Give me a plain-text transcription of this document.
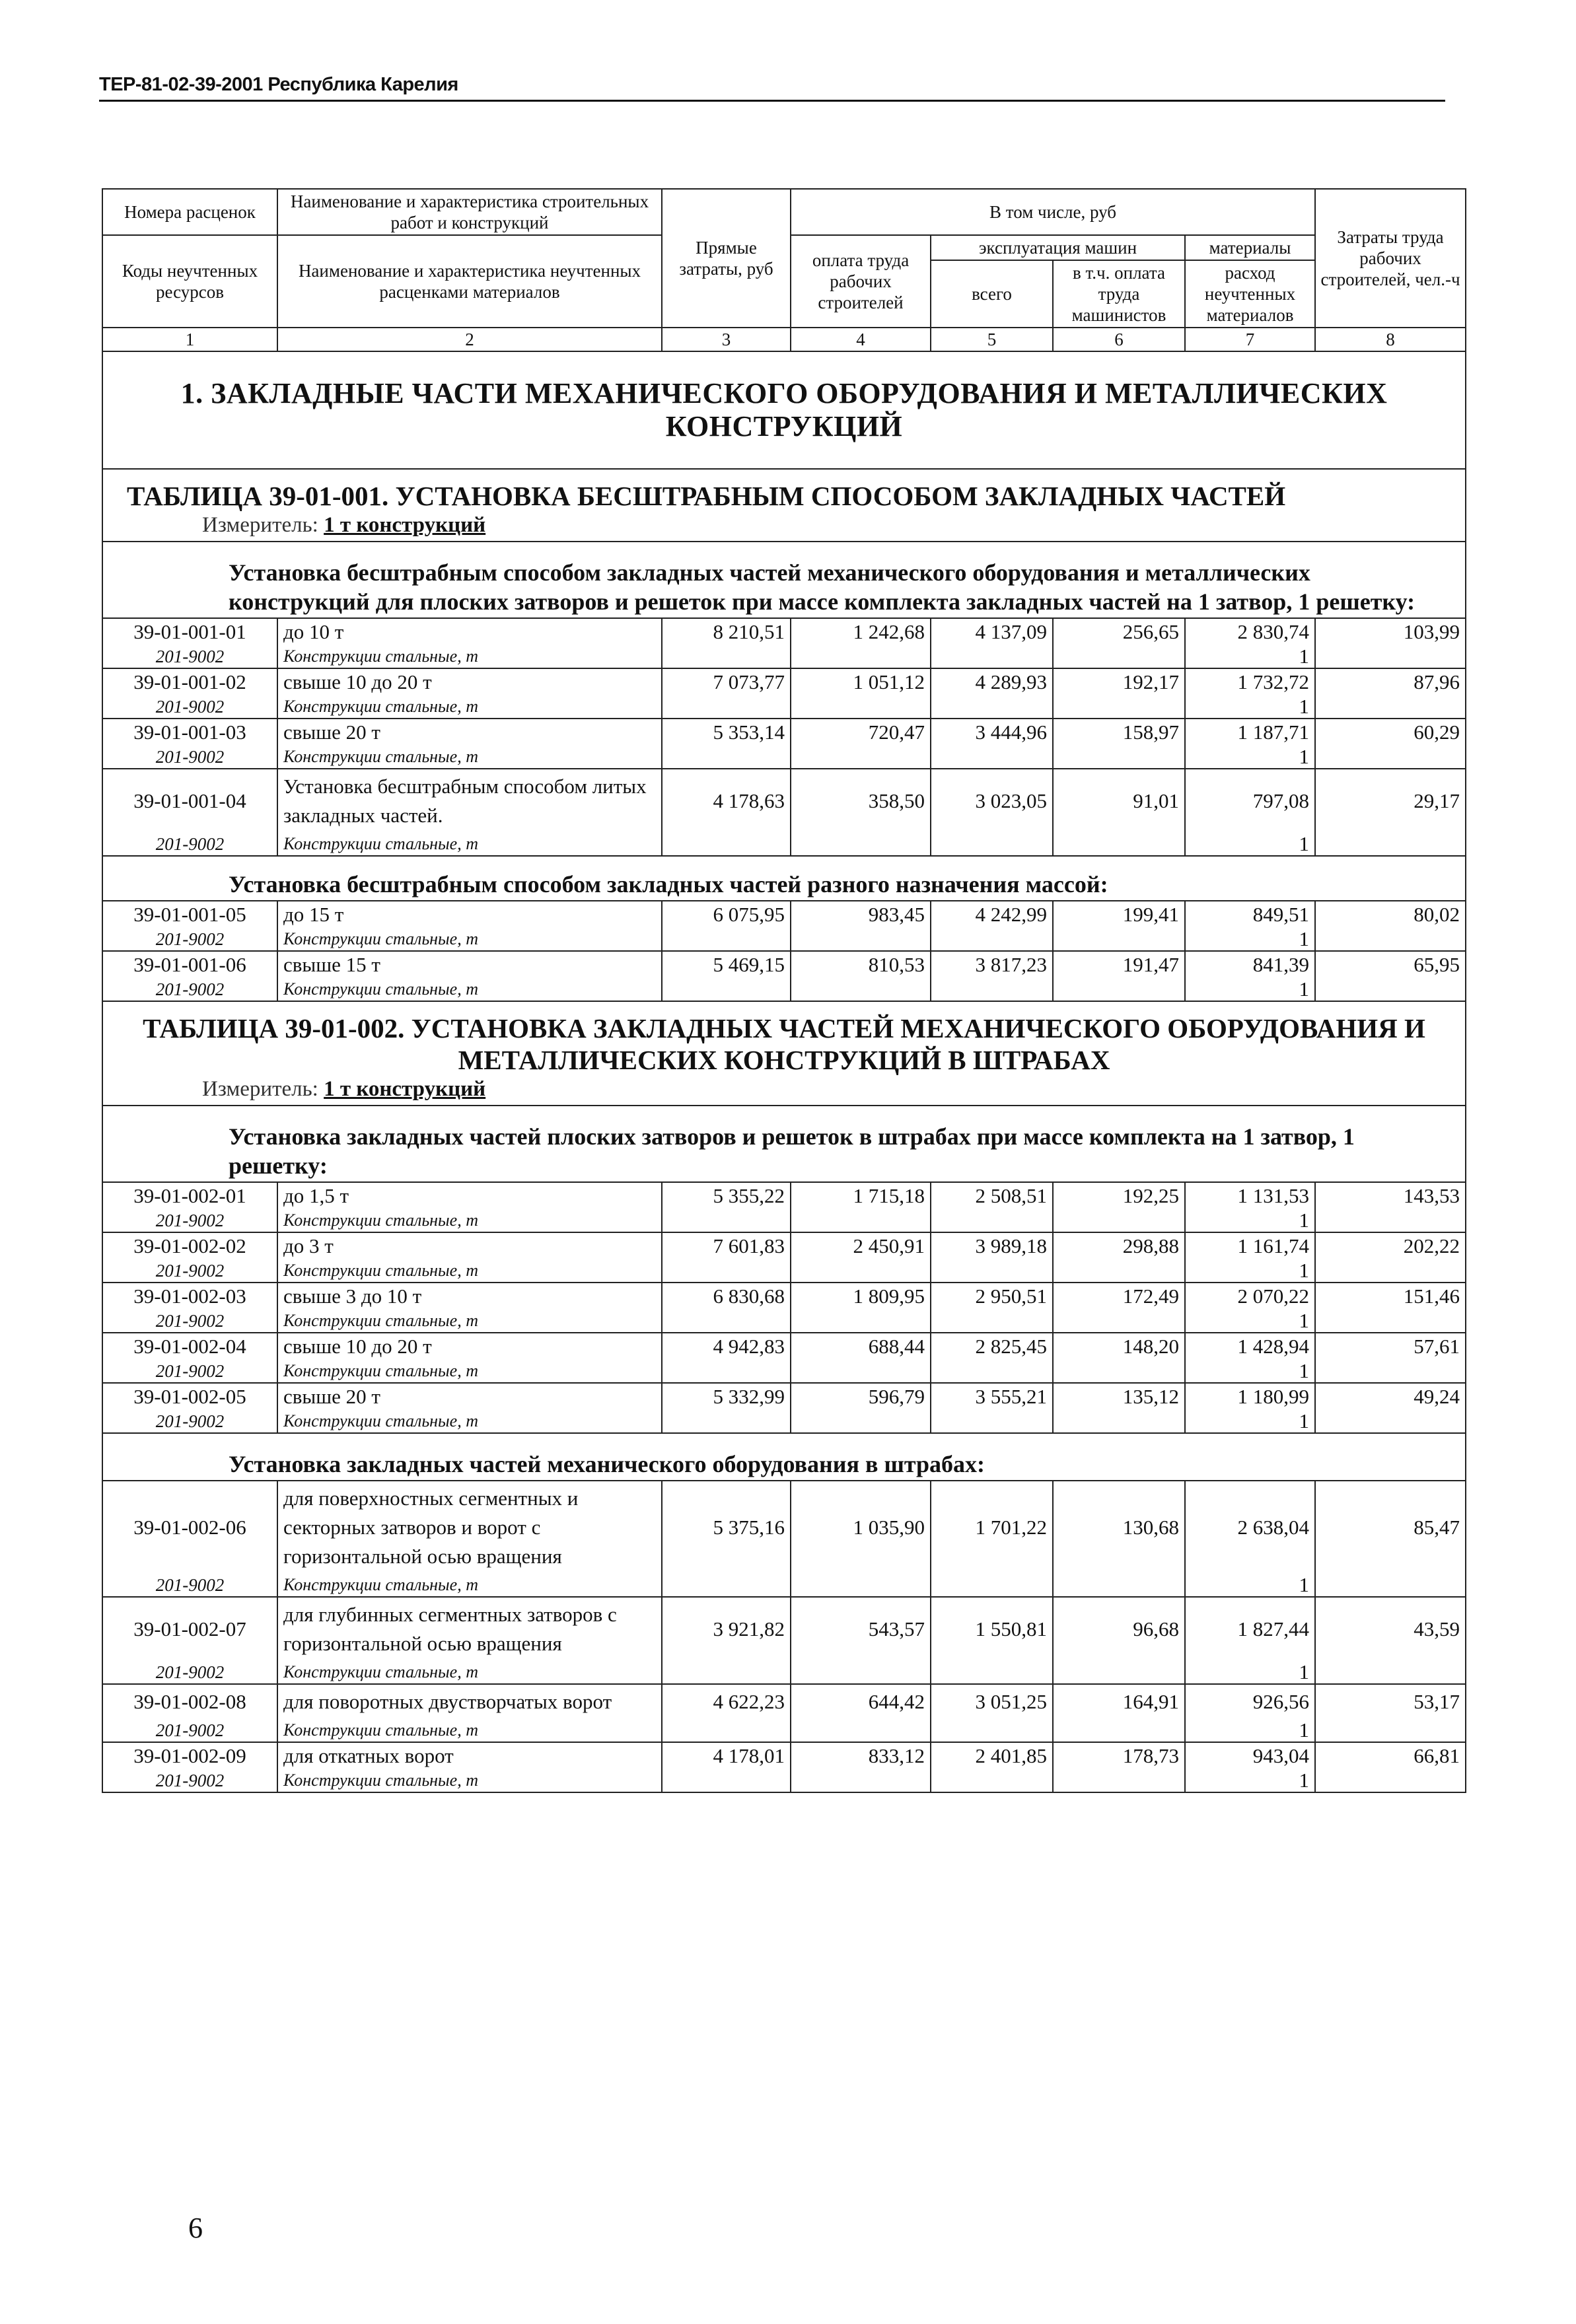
ТЕР-81-02-39-2001 Республика Карелия
Номера расценок	Наименование и характеристика строительных работ и конструкций	Прямые затраты, руб	В том числе, руб				Затраты труда рабочих строителей, чел.-ч
Коды неучтенных ресурсов	Наименование и характеристика неучтенных расценками материалов		оплата труда рабочих строителей	эксплуатация машин		материалы	
				всего	в т.ч. оплата труда машинистов	расход неучтенных материалов	
1	2	3	4	5	6	7	8
1. ЗАКЛАДНЫЕ ЧАСТИ МЕХАНИЧЕСКОГО ОБОРУДОВАНИЯ И МЕТАЛЛИЧЕСКИХ КОНСТРУКЦИЙ							
ТАБЛИЦА 39-01-001. УСТАНОВКА БЕСШТРАБНЫМ СПОСОБОМ ЗАКЛАДНЫХ ЧАСТЕЙ							
Измеритель: 1 т конструкций							
Установка бесштрабным способом закладных частей механического оборудования и металлических конструкций для плоских затворов и решеток при массе комплекта закладных частей на 1 затвор, 1 решетку:							
39-01-001-01	до 10 т	8 210,51	1 242,68	4 137,09	256,65	2 830,74	103,99
201-9002	Конструкции стальные, т					1	
39-01-001-02	свыше 10 до 20 т	7 073,77	1 051,12	4 289,93	192,17	1 732,72	87,96
201-9002	Конструкции стальные, т					1	
39-01-001-03	свыше 20 т	5 353,14	720,47	3 444,96	158,97	1 187,71	60,29
201-9002	Конструкции стальные, т					1	
39-01-001-04	Установка бесштрабным способом литых закладных частей.	4 178,63	358,50	3 023,05	91,01	797,08	29,17
201-9002	Конструкции стальные, т					1	
Установка бесштрабным способом закладных частей разного назначения массой:							
39-01-001-05	до 15 т	6 075,95	983,45	4 242,99	199,41	849,51	80,02
201-9002	Конструкции стальные, т					1	
39-01-001-06	свыше 15 т	5 469,15	810,53	3 817,23	191,47	841,39	65,95
201-9002	Конструкции стальные, т					1	
ТАБЛИЦА 39-01-002. УСТАНОВКА ЗАКЛАДНЫХ ЧАСТЕЙ МЕХАНИЧЕСКОГО ОБОРУДОВАНИЯ И МЕТАЛЛИЧЕСКИХ КОНСТРУКЦИЙ В ШТРАБАХ							
Измеритель: 1 т конструкций							
Установка закладных частей плоских затворов и решеток в штрабах при массе комплекта на 1 затвор, 1 решетку:							
39-01-002-01	до 1,5 т	5 355,22	1 715,18	2 508,51	192,25	1 131,53	143,53
201-9002	Конструкции стальные, т					1	
39-01-002-02	до 3 т	7 601,83	2 450,91	3 989,18	298,88	1 161,74	202,22
201-9002	Конструкции стальные, т					1	
39-01-002-03	свыше 3 до 10 т	6 830,68	1 809,95	2 950,51	172,49	2 070,22	151,46
201-9002	Конструкции стальные, т					1	
39-01-002-04	свыше 10 до 20 т	4 942,83	688,44	2 825,45	148,20	1 428,94	57,61
201-9002	Конструкции стальные, т					1	
39-01-002-05	свыше 20 т	5 332,99	596,79	3 555,21	135,12	1 180,99	49,24
201-9002	Конструкции стальные, т					1	
Установка закладных частей механического оборудования в штрабах:							
39-01-002-06	для поверхностных сегментных и секторных затворов и ворот с горизонтальной осью вращения	5 375,16	1 035,90	1 701,22	130,68	2 638,04	85,47
201-9002	Конструкции стальные, т					1	
39-01-002-07	для глубинных сегментных затворов с горизонтальной осью вращения	3 921,82	543,57	1 550,81	96,68	1 827,44	43,59
201-9002	Конструкции стальные, т					1	
39-01-002-08	для поворотных двустворчатых ворот	4 622,23	644,42	3 051,25	164,91	926,56	53,17
201-9002	Конструкции стальные, т					1	
39-01-002-09	для откатных ворот	4 178,01	833,12	2 401,85	178,73	943,04	66,81
201-9002	Конструкции стальные, т					1	
6
